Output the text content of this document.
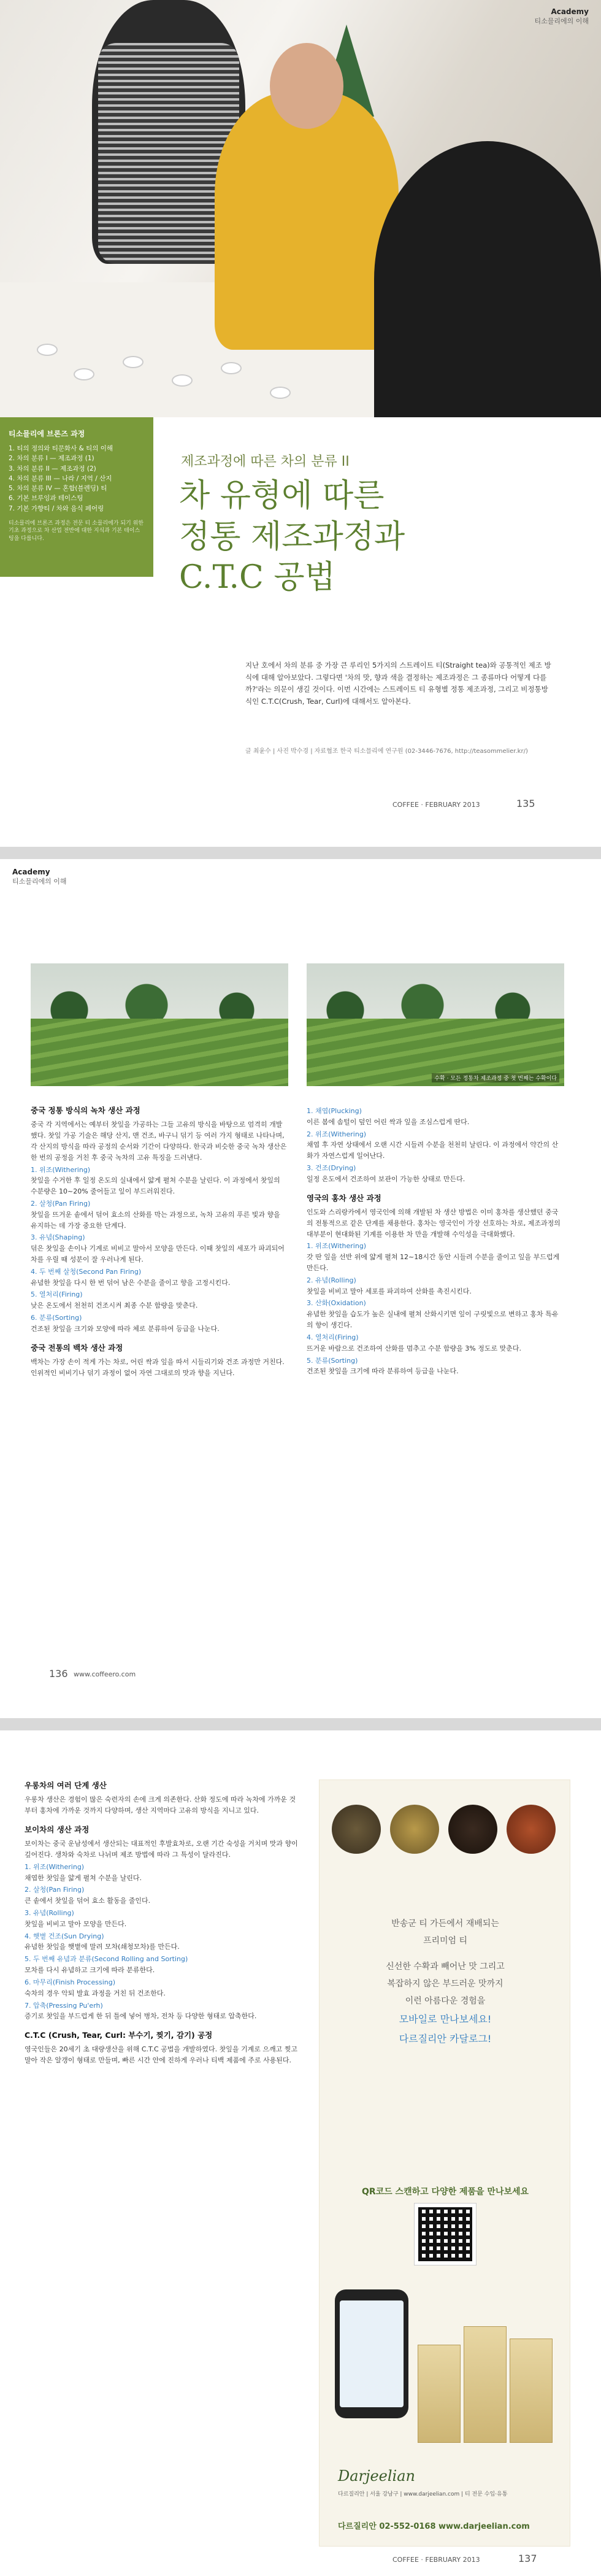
Academy
티소믈리에의 이해
티소믈리에 브론즈 과정
1. 티의 정의와 티문화사 & 티의 이해
2. 차의 분류 I — 제조과정 (1)
3. 차의 분류 II — 제조과정 (2)
4. 차의 분류 III — 나라 / 지역 / 산지
5. 차의 분류 IV — 혼합(블렌딩) 티
6. 기본 브루잉과 테이스팅
7. 기본 가향티 / 차와 음식 페어링
티소믈리에 브론즈 과정은 전문 티 소믈리에가 되기 위한 기초 과정으로 차 산업 전반에 대한 지식과 기본 테이스팅을 다룹니다.
제조과정에 따른 차의 분류 II
차 유형에 따른
정통 제조과정과
C.T.C 공법
지난 호에서 차의 분류 중 가장 큰 루리인 5가지의 스트레이트 티(Straight tea)와 공통적인 제조 방식에 대해 알아보았다. 그렇다면 '차의 맛, 향과 색을 결정하는 제조과정은 그 종류마다 어떻게 다를까?'라는 의문이 생길 것이다. 이번 시간에는 스트레이트 티 유형별 정통 제조과정, 그리고 비정통방식인 C.T.C(Crush, Tear, Curl)에 대해서도 알아본다.
글 최윤수 | 사진 박수경 | 자료협조 한국 티소믈리에 연구원 (02-3446-7676, http://teasommelier.kr/)
COFFEE · FEBRUARY 2013	135
Academy
티소믈리에의 이해
수확 · 모든 정통차 제조과정 중 첫 번째는 수확이다
중국 정통 방식의 녹차 생산 과정

중국 각 지역에서는 예부터 찻잎을 가공하는 그들 고유의 방식을 바탕으로 엄격히 개발했다. 찻잎 가공 기술은 해당 산지, 맨 건조, 바구니 덖기 등 여러 가지 형태로 나타나며, 각 산지의 방식을 따라 공정의 순서와 기간이 다양하다. 한국과 비슷한 중국 녹차 생산은 한 번의 공정을 거친 후 중국 녹차의 고유 특징을 드러낸다.

1. 위조(Withering)

찻잎을 수거한 후 일정 온도의 실내에서 얇게 펼쳐 수분을 날린다. 이 과정에서 찻잎의 수분량은 10~20% 줄어들고 잎이 부드러워진다.

2. 살청(Pan Firing)

찻잎을 뜨거운 솥에서 덖어 효소의 산화를 막는 과정으로, 녹차 고유의 푸른 빛과 향을 유지하는 데 가장 중요한 단계다.

3. 유념(Shaping)

덖은 찻잎을 손이나 기계로 비비고 말아서 모양을 만든다. 이때 찻잎의 세포가 파괴되어 차를 우릴 때 성분이 잘 우러나게 된다.

4. 두 번째 살청(Second Pan Firing)

유념한 찻잎을 다시 한 번 덖어 남은 수분을 줄이고 향을 고정시킨다.

5. 열처리(Firing)

낮은 온도에서 천천히 건조시켜 최종 수분 함량을 맞춘다.

6. 분류(Sorting)

건조된 찻잎을 크기와 모양에 따라 체로 분류하여 등급을 나눈다.

중국 전통의 백차 생산 과정

백차는 가장 손이 적게 가는 차로, 어린 싹과 잎을 따서 시들리기와 건조 과정만 거친다. 인위적인 비비기나 덖기 과정이 없어 자연 그대로의 맛과 향을 지닌다.

1. 채엽(Plucking)

이른 봄에 솜털이 덮인 어린 싹과 잎을 조심스럽게 딴다.

2. 위조(Withering)

채엽 후 자연 상태에서 오랜 시간 시들려 수분을 천천히 날린다. 이 과정에서 약간의 산화가 자연스럽게 일어난다.

3. 건조(Drying)

일정 온도에서 건조하여 보관이 가능한 상태로 만든다.

영국의 홍차 생산 과정

인도와 스리랑카에서 영국인에 의해 개발된 차 생산 방법은 이미 홍차를 생산했던 중국의 전통적으로 같은 단계를 채용한다. 홍차는 영국인이 가장 선호하는 차로, 제조과정의 대부분이 현대화된 기계를 이용한 차 만을 개발해 수익성을 극대화했다.

1. 위조(Withering)

갓 딴 잎을 선반 위에 얇게 펼쳐 12~18시간 동안 시들려 수분을 줄이고 잎을 부드럽게 만든다.

2. 유념(Rolling)

찻잎을 비비고 말아 세포를 파괴하여 산화를 촉진시킨다.

3. 산화(Oxidation)

유념한 찻잎을 습도가 높은 실내에 펼쳐 산화시키면 잎이 구릿빛으로 변하고 홍차 특유의 향이 생긴다.

4. 열처리(Firing)

뜨거운 바람으로 건조하여 산화를 멈추고 수분 함량을 3% 정도로 맞춘다.

5. 분류(Sorting)

건조된 찻잎을 크기에 따라 분류하여 등급을 나눈다.

136 www.coffeero.com
우롱차의 여러 단계 생산

우롱차 생산은 경험이 많은 숙련자의 손에 크게 의존한다. 산화 정도에 따라 녹차에 가까운 것부터 홍차에 가까운 것까지 다양하며, 생산 지역마다 고유의 방식을 지니고 있다.

보이차의 생산 과정

보이차는 중국 운남성에서 생산되는 대표적인 후발효차로, 오랜 기간 숙성을 거치며 맛과 향이 깊어진다. 생차와 숙차로 나뉘며 제조 방법에 따라 그 특성이 달라진다.

1. 위조(Withering)

채엽한 찻잎을 얇게 펼쳐 수분을 날린다.

2. 살청(Pan Firing)

큰 솥에서 찻잎을 덖어 효소 활동을 줄인다.

3. 유념(Rolling)

찻잎을 비비고 말아 모양을 만든다.

4. 햇볕 건조(Sun Drying)

유념한 찻잎을 햇볕에 말려 모차(쇄청모차)를 만든다.

5. 두 번째 유념과 분류(Second Rolling and Sorting)

모차를 다시 유념하고 크기에 따라 분류한다.

6. 마무리(Finish Processing)

숙차의 경우 악퇴 발효 과정을 거친 뒤 건조한다.

7. 압축(Pressing Pu'erh)

증기로 찻잎을 부드럽게 한 뒤 틀에 넣어 병차, 전차 등 다양한 형태로 압축한다.

C.T.C (Crush, Tear, Curl: 부수기, 찢기, 감기) 공정

영국인들은 20세기 초 대량생산을 위해 C.T.C 공법을 개발하였다. 찻잎을 기계로 으깨고 찢고 말아 작은 알갱이 형태로 만들며, 빠른 시간 안에 진하게 우러나 티백 제품에 주로 사용된다.

반송군 티 가든에서 재배되는
프리미엄 티
신선한 수확과 빼어난 맛 그리고
복잡하지 않은 부드러운 맛까지
이런 아름다운 경험을
모바일로 만나보세요!
다르질리안 카달로그!
QR코드 스캔하고 다양한 제품을 만나보세요
Darjeelian
다르질리안 | 서울 강남구 | www.darjeelian.com | 티 전문 수입·유통
다르질리안 02-552-0168 www.darjeelian.com
COFFEE · FEBRUARY 2013	137
